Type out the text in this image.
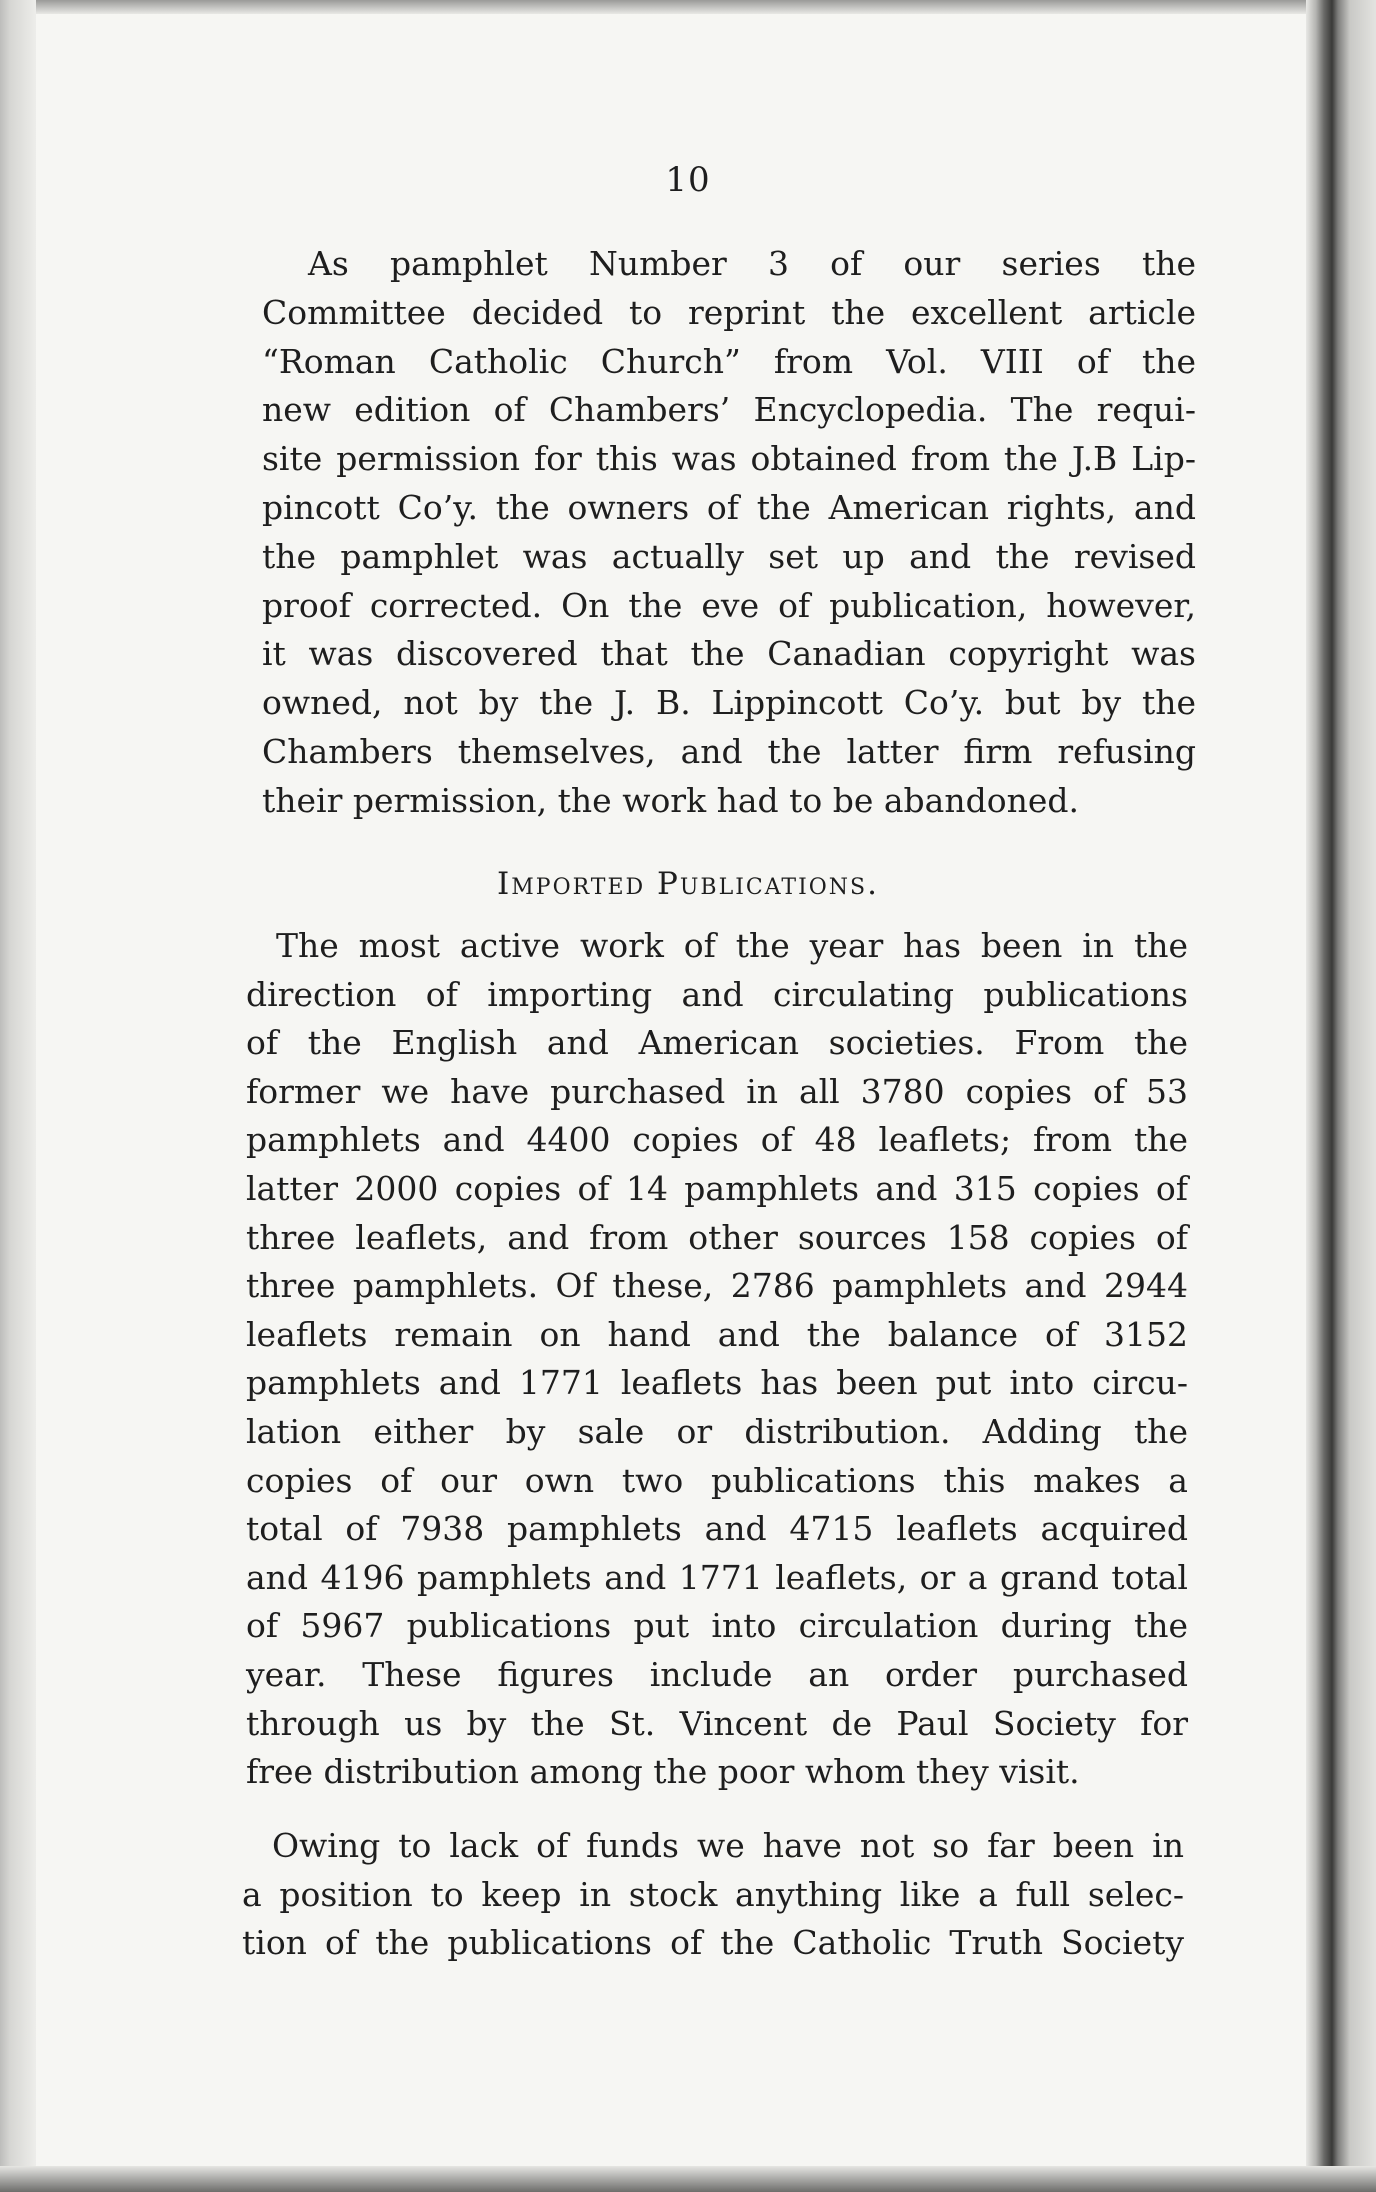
10
As pamphlet Number 3 of our series the
Committee decided to reprint the excellent article
“Roman Catholic Church” from Vol. VIII of the
new edition of Chambers’ Encyclopedia. The requi-
site permission for this was obtained from the J.B Lip-
pincott Co’y. the owners of the American rights, and
the pamphlet was actually set up and the revised
proof corrected. On the eve of publication, however,
it was discovered that the Canadian copyright was
owned, not by the J. B. Lippincott Co’y. but by the
Chambers themselves, and the latter firm refusing
their permission, the work had to be abandoned.
Imported Publications.
The most active work of the year has been in the
direction of importing and circulating publications
of the English and American societies. From the
former we have purchased in all 3780 copies of 53
pamphlets and 4400 copies of 48 leaflets; from the
latter 2000 copies of 14 pamphlets and 315 copies of
three leaflets, and from other sources 158 copies of
three pamphlets. Of these, 2786 pamphlets and 2944
leaflets remain on hand and the balance of 3152
pamphlets and 1771 leaflets has been put into circu-
lation either by sale or distribution. Adding the
copies of our own two publications this makes a
total of 7938 pamphlets and 4715 leaflets acquired
and 4196 pamphlets and 1771 leaflets, or a grand total
of 5967 publications put into circulation during the
year. These figures include an order purchased
through us by the St. Vincent de Paul Society for
free distribution among the poor whom they visit.
Owing to lack of funds we have not so far been in
a position to keep in stock anything like a full selec-
tion of the publications of the Catholic Truth Society
